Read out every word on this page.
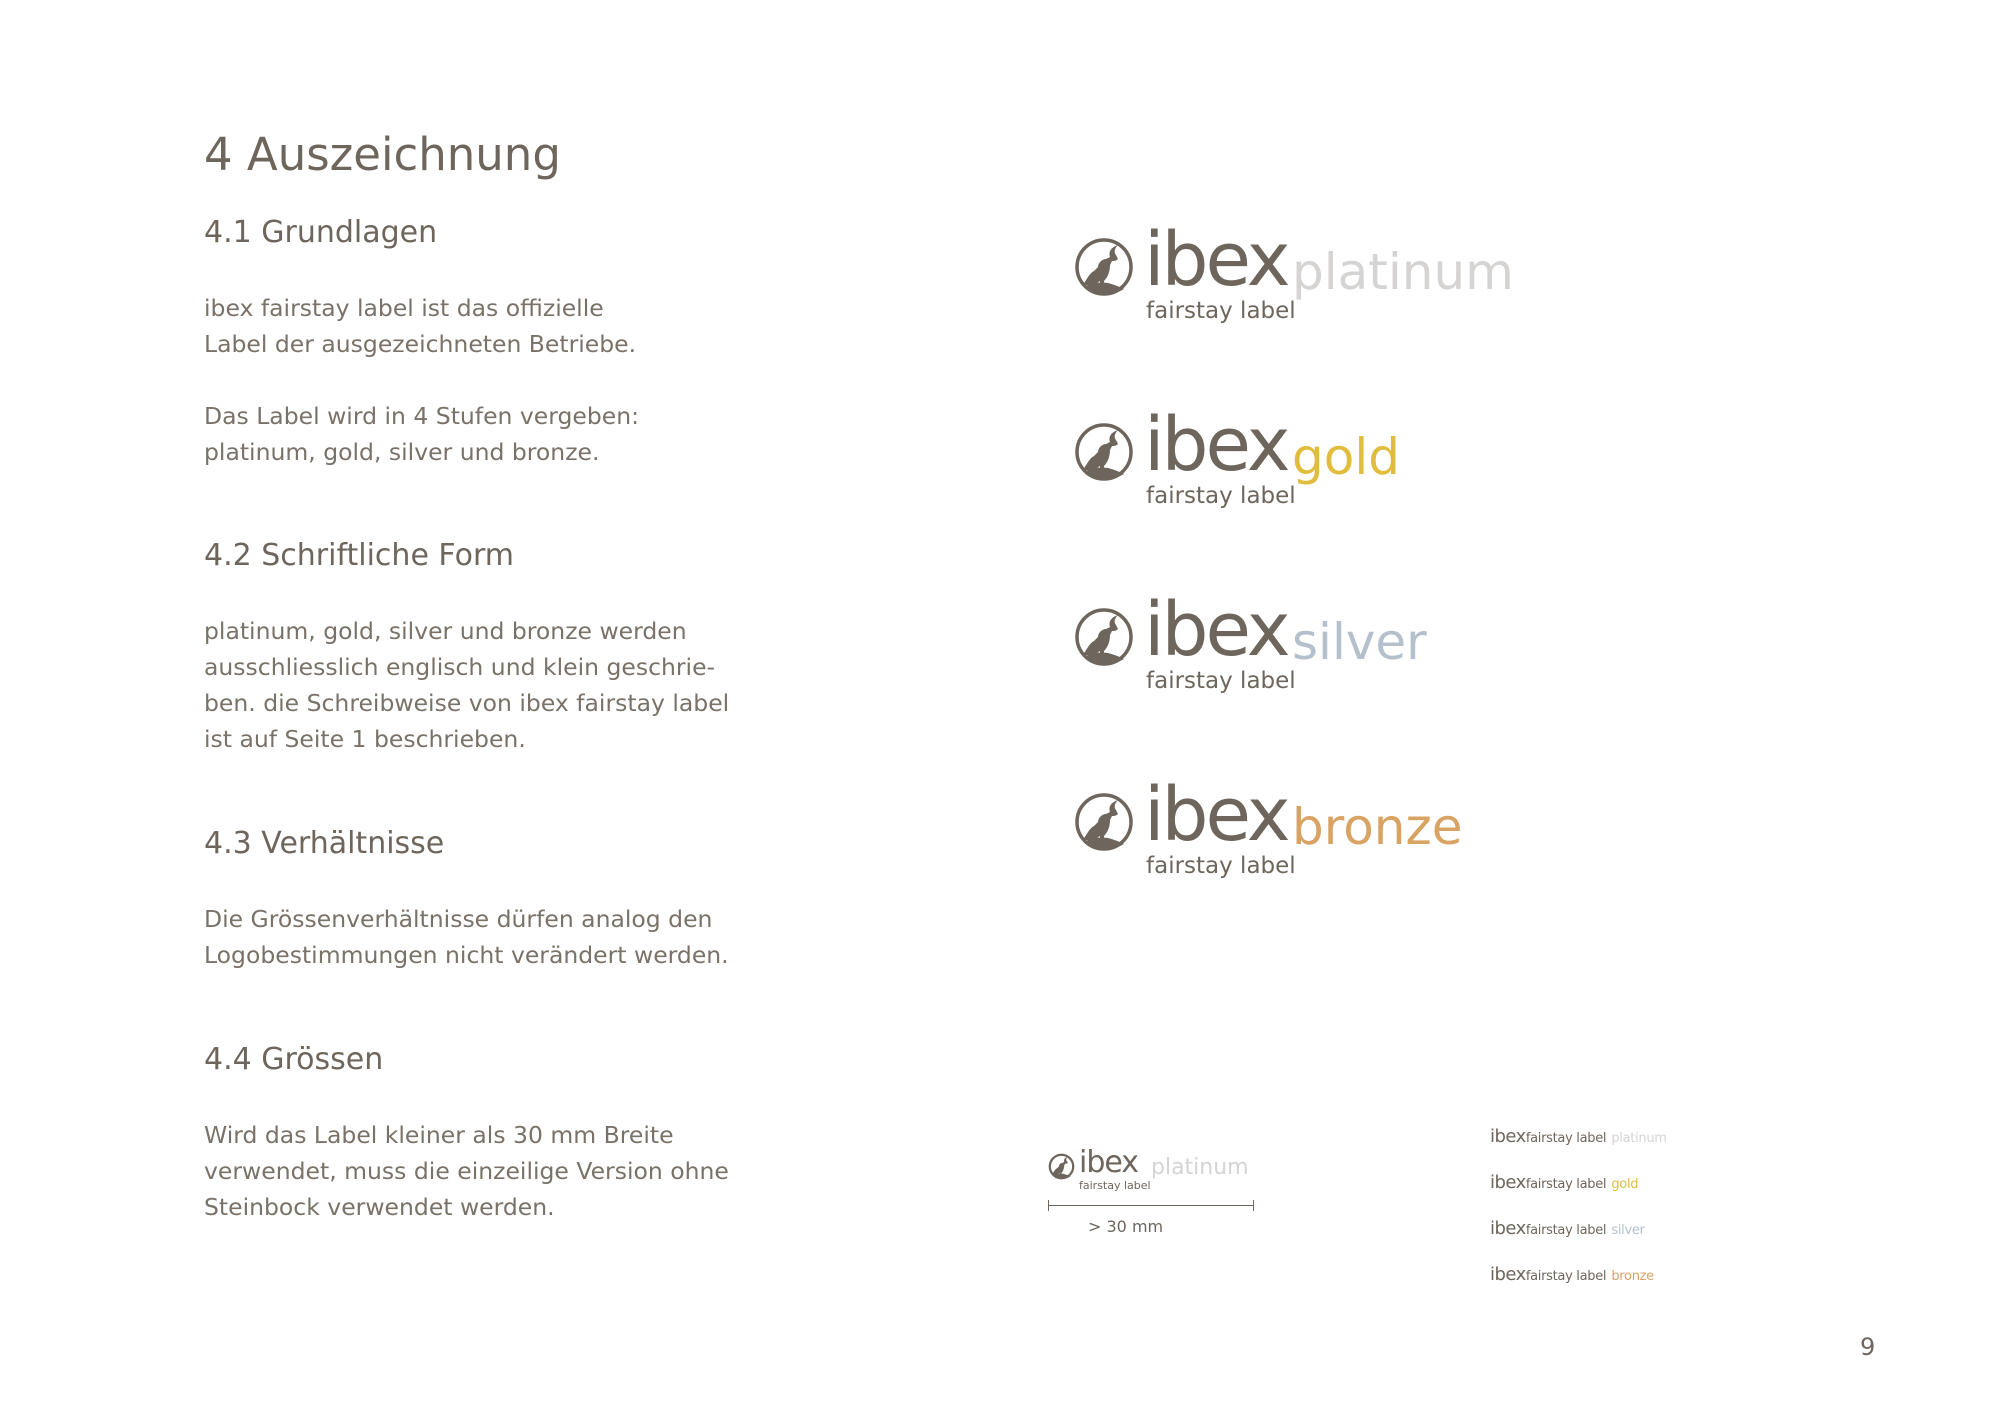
4 Auszeichnung
4.1 Grundlagen
ibex fairstay label ist das offizielle
Label der ausgezeichneten Betriebe.
Das Label wird in 4 Stufen vergeben:
platinum, gold, silver und bronze.
4.2 Schriftliche Form
platinum, gold, silver und bronze werden
ausschliesslich englisch und klein geschrie-
ben. die Schreibweise von ibex fairstay label
ist auf Seite 1 beschrieben.
4.3 Verhältnisse
Die Grössenverhältnisse dürfen analog den
Logobestimmungen nicht verändert werden.
4.4 Grössen
Wird das Label kleiner als 30 mm Breite
verwendet, muss die einzeilige Version ohne
Steinbock verwendet werden.
ibex platinum
fairstay label
ibex gold
fairstay label
ibex silver
fairstay label
ibex bronze
fairstay label
ibex platinum
fairstay label
> 30 mm
ibexfairstay label platinum
ibexfairstay label gold
ibexfairstay label silver
ibexfairstay label bronze
9
